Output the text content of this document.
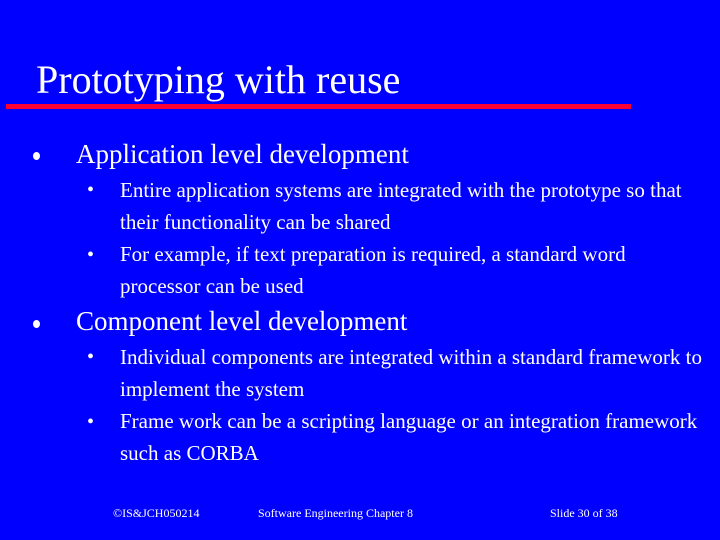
Prototyping with reuse
Application level development
• Entire application systems are integrated with the prototype so that their functionality can be shared
• For example, if text preparation is required, a standard word processor can be used
Component level development
• Individual components are integrated within a standard framework to implement the system
• Frame work can be a scripting language or an integration framework such as CORBA
©IS&JCH050214	Software Engineering Chapter 8	Slide 30 of 38
